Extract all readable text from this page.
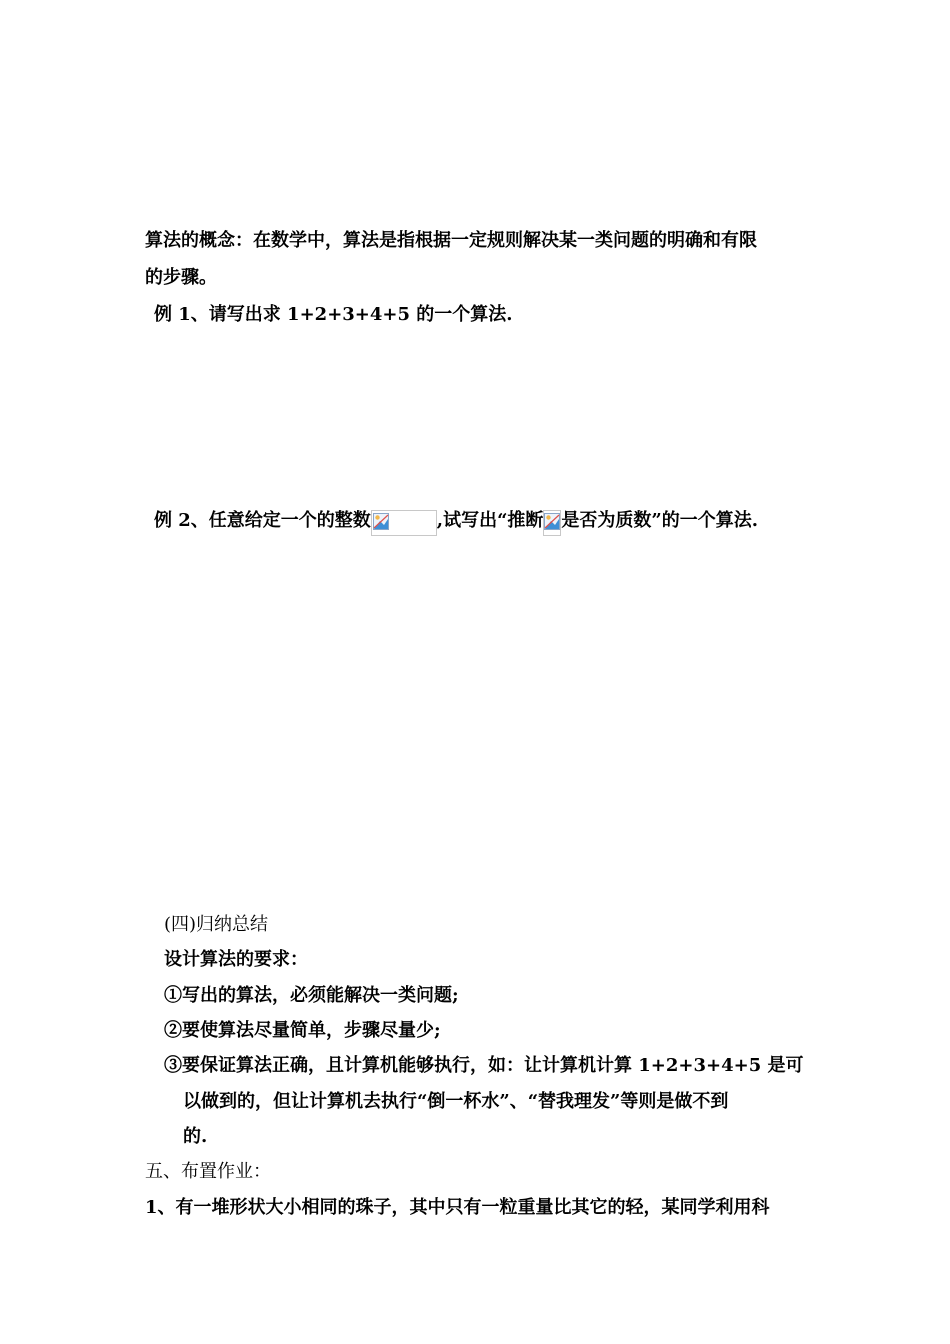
算法的概念：在数学中，算法是指根据一定规则解决某一类问题的明确和有限
的步骤。
例 1、请写出求 1+2+3+4+5 的一个算法.
例 2、任意给定一个的整数	,试写出“推断 是否为质数”的一个算法.
(四)归纳总结
设计算法的要求：
①写出的算法，必须能解决一类问题;
②要使算法尽量简单，步骤尽量少;
③要保证算法正确，且计算机能够执行，如：让计算机计算 1+2+3+4+5 是可
以做到的，但让计算机去执行“倒一杯水”、“替我理发”等则是做不到
的.
五、布置作业：
1、有一堆形状大小相同的珠子，其中只有一粒重量比其它的轻，某同学利用科
